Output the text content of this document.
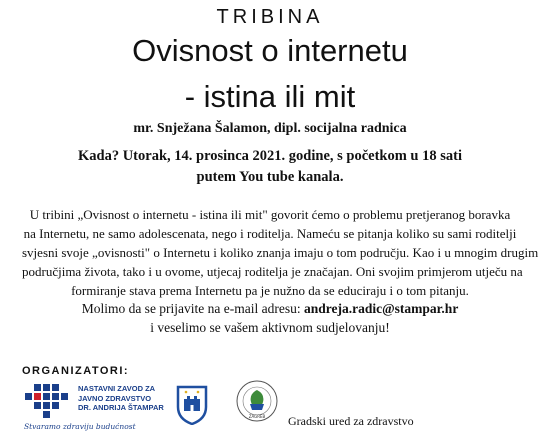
TRIBINA
Ovisnost o internetu
- istina ili mit
mr. Snježana Šalamon, dipl. socijalna radnica
Kada? Utorak, 14. prosinca 2021. godine, s početkom u 18 sati
putem You tube kanala.
U tribini „Ovisnost o internetu - istina ili mit" govorit ćemo o problemu pretjeranog boravka
na Internetu, ne samo adolescenata, nego i roditelja. Nameću se pitanja koliko su sami roditelji
svjesni svoje „ovisnosti" o Internetu i koliko znanja imaju o tom području. Kao i u mnogim drugim
područjima života, tako i u ovome, utjecaj roditelja je značajan. Oni svojim primjerom utječu na
formiranje stava prema Internetu pa je nužno da se educiraju i o tom pitanju.
Molimo da se prijavite na e-mail adresu: andreja.radic@stampar.hr
i veselimo se vašem aktivnom sudjelovanju!
ORGANIZATORI:
NASTAVNI ZAVOD ZA
JAVNO ZDRAVSTVO
DR. ANDRIJA ŠTAMPAR
Stvaramo zdraviju budućnost
ZAGREB Gradski ured za zdravstvo
